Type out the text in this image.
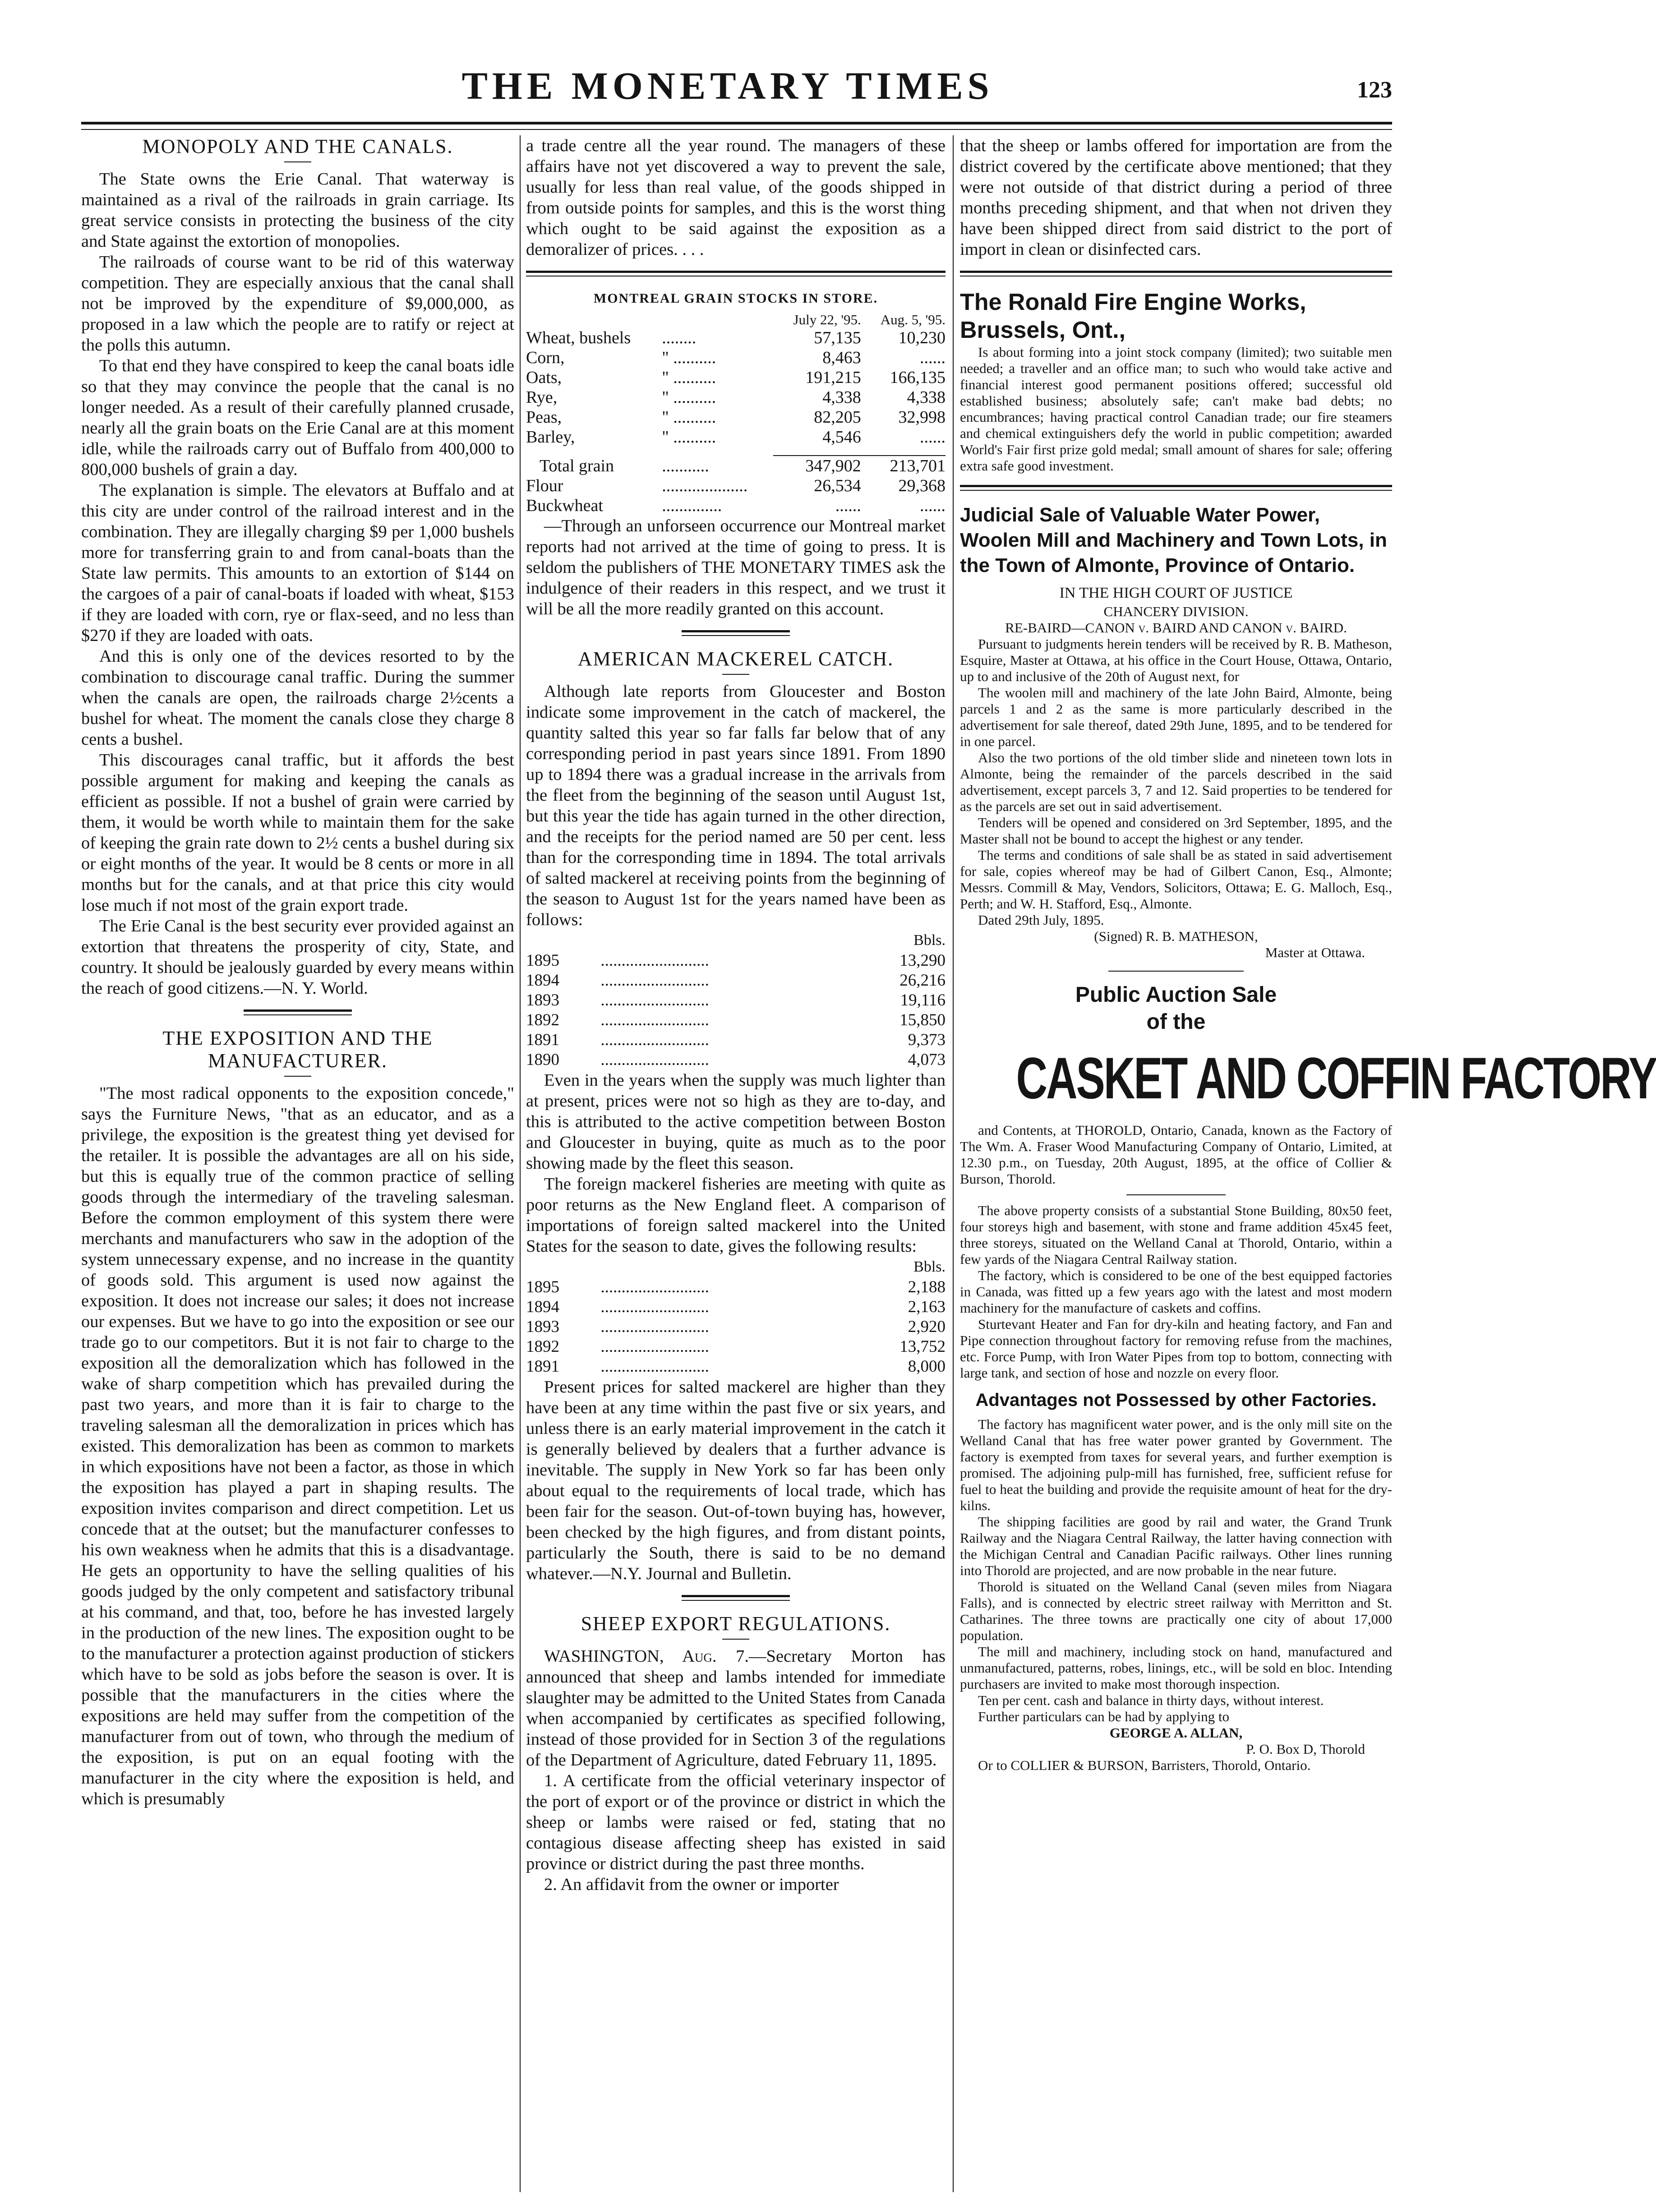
THE MONETARY TIMES	123
MONOPOLY AND THE CANALS.

The State owns the Erie Canal. That waterway is maintained as a rival of the railroads in grain carriage. Its great service consists in protecting the business of the city and State against the extortion of monopolies.

The railroads of course want to be rid of this waterway competition. They are especially anxious that the canal shall not be improved by the expenditure of $9,000,000, as proposed in a law which the people are to ratify or reject at the polls this autumn.

To that end they have conspired to keep the canal boats idle so that they may convince the people that the canal is no longer needed. As a result of their carefully planned crusade, nearly all the grain boats on the Erie Canal are at this moment idle, while the railroads carry out of Buffalo from 400,000 to 800,000 bushels of grain a day.

The explanation is simple. The elevators at Buffalo and at this city are under control of the railroad interest and in the combination. They are illegally charging $9 per 1,000 bushels more for transferring grain to and from canal-boats than the State law permits. This amounts to an extortion of $144 on the cargoes of a pair of canal-boats if loaded with wheat, $153 if they are loaded with corn, rye or flax-seed, and no less than $270 if they are loaded with oats.

And this is only one of the devices resorted to by the combination to discourage canal traffic. During the summer when the canals are open, the railroads charge 2½cents a bushel for wheat. The moment the canals close they charge 8 cents a bushel.

This discourages canal traffic, but it affords the best possible argument for making and keeping the canals as efficient as possible. If not a bushel of grain were carried by them, it would be worth while to maintain them for the sake of keeping the grain rate down to 2½ cents a bushel during six or eight months of the year. It would be 8 cents or more in all months but for the canals, and at that price this city would lose much if not most of the grain export trade.

The Erie Canal is the best security ever provided against an extortion that threatens the prosperity of city, State, and country. It should be jealously guarded by every means within the reach of good citizens.—N. Y. World.

THE EXPOSITION AND THE MANUFACTURER.

"The most radical opponents to the exposition concede," says the Furniture News, "that as an educator, and as a privilege, the exposition is the greatest thing yet devised for the retailer. It is possible the advantages are all on his side, but this is equally true of the common practice of selling goods through the intermediary of the traveling salesman. Before the common employment of this system there were merchants and manufacturers who saw in the adoption of the system unnecessary expense, and no increase in the quantity of goods sold. This argument is used now against the exposition. It does not increase our sales; it does not increase our expenses. But we have to go into the exposition or see our trade go to our competitors. But it is not fair to charge to the exposition all the demoralization which has followed in the wake of sharp competition which has prevailed during the past two years, and more than it is fair to charge to the traveling salesman all the demoralization in prices which has existed. This demoralization has been as common to markets in which expositions have not been a factor, as those in which the exposition has played a part in shaping results. The exposition invites comparison and direct competition. Let us concede that at the outset; but the manufacturer confesses to his own weakness when he admits that this is a disadvantage. He gets an opportunity to have the selling qualities of his goods judged by the only competent and satisfactory tribunal at his command, and that, too, before he has invested largely in the production of the new lines. The exposition ought to be to the manufacturer a protection against production of stickers which have to be sold as jobs before the season is over. It is possible that the manufacturers in the cities where the expositions are held may suffer from the competition of the manufacturer from out of town, who through the medium of the exposition, is put on an equal footing with the manufacturer in the city where the exposition is held, and which is presumably

a trade centre all the year round. The managers of these affairs have not yet discovered a way to prevent the sale, usually for less than real value, of the goods shipped in from outside points for samples, and this is the worst thing which ought to be said against the exposition as a demoralizer of prices. . . .

MONTREAL GRAIN STOCKS IN STORE.
		July 22, '95.	Aug. 5, '95.
Wheat, bushels	........	57,135	10,230
Corn,	" ..........	8,463	......
Oats,	" ..........	191,215	166,135
Rye,	" ..........	4,338	4,338
Peas,	" ..........	82,205	32,998
Barley,	" ..........	4,546	......

Total grain	...........	347,902	213,701
Flour	....................	26,534	29,368
Buckwheat	..............	......	......

—Through an unforseen occurrence our Montreal market reports had not arrived at the time of going to press. It is seldom the publishers of THE MONETARY TIMES ask the indulgence of their readers in this respect, and we trust it will be all the more readily granted on this account.

AMERICAN MACKEREL CATCH.

Although late reports from Gloucester and Boston indicate some improvement in the catch of mackerel, the quantity salted this year so far falls far below that of any corresponding period in past years since 1891. From 1890 up to 1894 there was a gradual increase in the arrivals from the fleet from the beginning of the season until August 1st, but this year the tide has again turned in the other direction, and the receipts for the period named are 50 per cent. less than for the corresponding time in 1894. The total arrivals of salted mackerel at receiving points from the beginning of the season to August 1st for the years named have been as follows:

Bbls.
1895	..........................	13,290
1894	..........................	26,216
1893	..........................	19,116
1892	..........................	15,850
1891	..........................	9,373
1890	..........................	4,073

Even in the years when the supply was much lighter than at present, prices were not so high as they are to-day, and this is attributed to the active competition between Boston and Gloucester in buying, quite as much as to the poor showing made by the fleet this season.

The foreign mackerel fisheries are meeting with quite as poor returns as the New England fleet. A comparison of importations of foreign salted mackerel into the United States for the season to date, gives the following results:

Bbls.
1895	..........................	2,188
1894	..........................	2,163
1893	..........................	2,920
1892	..........................	13,752
1891	..........................	8,000

Present prices for salted mackerel are higher than they have been at any time within the past five or six years, and unless there is an early material improvement in the catch it is generally believed by dealers that a further advance is inevitable. The supply in New York so far has been only about equal to the requirements of local trade, which has been fair for the season. Out-of-town buying has, however, been checked by the high figures, and from distant points, particularly the South, there is said to be no demand whatever.—N.Y. Journal and Bulletin.

SHEEP EXPORT REGULATIONS.

WASHINGTON, Aug. 7.—Secretary Morton has announced that sheep and lambs intended for immediate slaughter may be admitted to the United States from Canada when accompanied by certificates as specified following, instead of those provided for in Section 3 of the regulations of the Department of Agriculture, dated February 11, 1895.

1. A certificate from the official veterinary inspector of the port of export or of the province or district in which the sheep or lambs were raised or fed, stating that no contagious disease affecting sheep has existed in said province or district during the past three months.

2. An affidavit from the owner or importer

that the sheep or lambs offered for importation are from the district covered by the certificate above mentioned; that they were not outside of that district during a period of three months preceding shipment, and that when not driven they have been shipped direct from said district to the port of import in clean or disinfected cars.

The Ronald Fire Engine Works, Brussels, Ont.,

Is about forming into a joint stock company (limited); two suitable men needed; a traveller and an office man; to such who would take active and financial interest good permanent positions offered; successful old established business; absolutely safe; can't make bad debts; no encumbrances; having practical control Canadian trade; our fire steamers and chemical extinguishers defy the world in public competition; awarded World's Fair first prize gold medal; small amount of shares for sale; offering extra safe good investment.

Judicial Sale of Valuable Water Power, Woolen Mill and Machinery and Town Lots, in the Town of Almonte, Province of Ontario.

IN THE HIGH COURT OF JUSTICE

CHANCERY DIVISION.

RE-BAIRD—CANON v. BAIRD AND CANON v. BAIRD.

Pursuant to judgments herein tenders will be received by R. B. Matheson, Esquire, Master at Ottawa, at his office in the Court House, Ottawa, Ontario, up to and inclusive of the 20th of August next, for

The woolen mill and machinery of the late John Baird, Almonte, being parcels 1 and 2 as the same is more particularly described in the advertisement for sale thereof, dated 29th June, 1895, and to be tendered for in one parcel.

Also the two portions of the old timber slide and nineteen town lots in Almonte, being the remainder of the parcels described in the said advertisement, except parcels 3, 7 and 12. Said properties to be tendered for as the parcels are set out in said advertisement.

Tenders will be opened and considered on 3rd September, 1895, and the Master shall not be bound to accept the highest or any tender.

The terms and conditions of sale shall be as stated in said advertisement for sale, copies whereof may be had of Gilbert Canon, Esq., Almonte; Messrs. Commill & May, Vendors, Solicitors, Ottawa; E. G. Malloch, Esq., Perth; and W. H. Stafford, Esq., Almonte.

Dated 29th July, 1895.

(Signed) R. B. MATHESON,

Master at Ottawa.

Public Auction Sale
of the
CASKET AND COFFIN FACTORY

and Contents, at THOROLD, Ontario, Canada, known as the Factory of The Wm. A. Fraser Wood Manufacturing Company of Ontario, Limited, at 12.30 p.m., on Tuesday, 20th August, 1895, at the office of Collier & Burson, Thorold.

The above property consists of a substantial Stone Building, 80x50 feet, four storeys high and basement, with stone and frame addition 45x45 feet, three storeys, situated on the Welland Canal at Thorold, Ontario, within a few yards of the Niagara Central Railway station.

The factory, which is considered to be one of the best equipped factories in Canada, was fitted up a few years ago with the latest and most modern machinery for the manufacture of caskets and coffins.

Sturtevant Heater and Fan for dry-kiln and heating factory, and Fan and Pipe connection throughout factory for removing refuse from the machines, etc. Force Pump, with Iron Water Pipes from top to bottom, connecting with large tank, and section of hose and nozzle on every floor.

Advantages not Possessed by other Factories.

The factory has magnificent water power, and is the only mill site on the Welland Canal that has free water power granted by Government. The factory is exempted from taxes for several years, and further exemption is promised. The adjoining pulp-mill has furnished, free, sufficient refuse for fuel to heat the building and provide the requisite amount of heat for the dry-kilns.

The shipping facilities are good by rail and water, the Grand Trunk Railway and the Niagara Central Railway, the latter having connection with the Michigan Central and Canadian Pacific railways. Other lines running into Thorold are projected, and are now probable in the near future.

Thorold is situated on the Welland Canal (seven miles from Niagara Falls), and is connected by electric street railway with Merritton and St. Catharines. The three towns are practically one city of about 17,000 population.

The mill and machinery, including stock on hand, manufactured and unmanufactured, patterns, robes, linings, etc., will be sold en bloc. Intending purchasers are invited to make most thorough inspection.

Ten per cent. cash and balance in thirty days, without interest.

Further particulars can be had by applying to

GEORGE A. ALLAN,

P. O. Box D, Thorold

Or to COLLIER & BURSON, Barristers, Thorold, Ontario.
